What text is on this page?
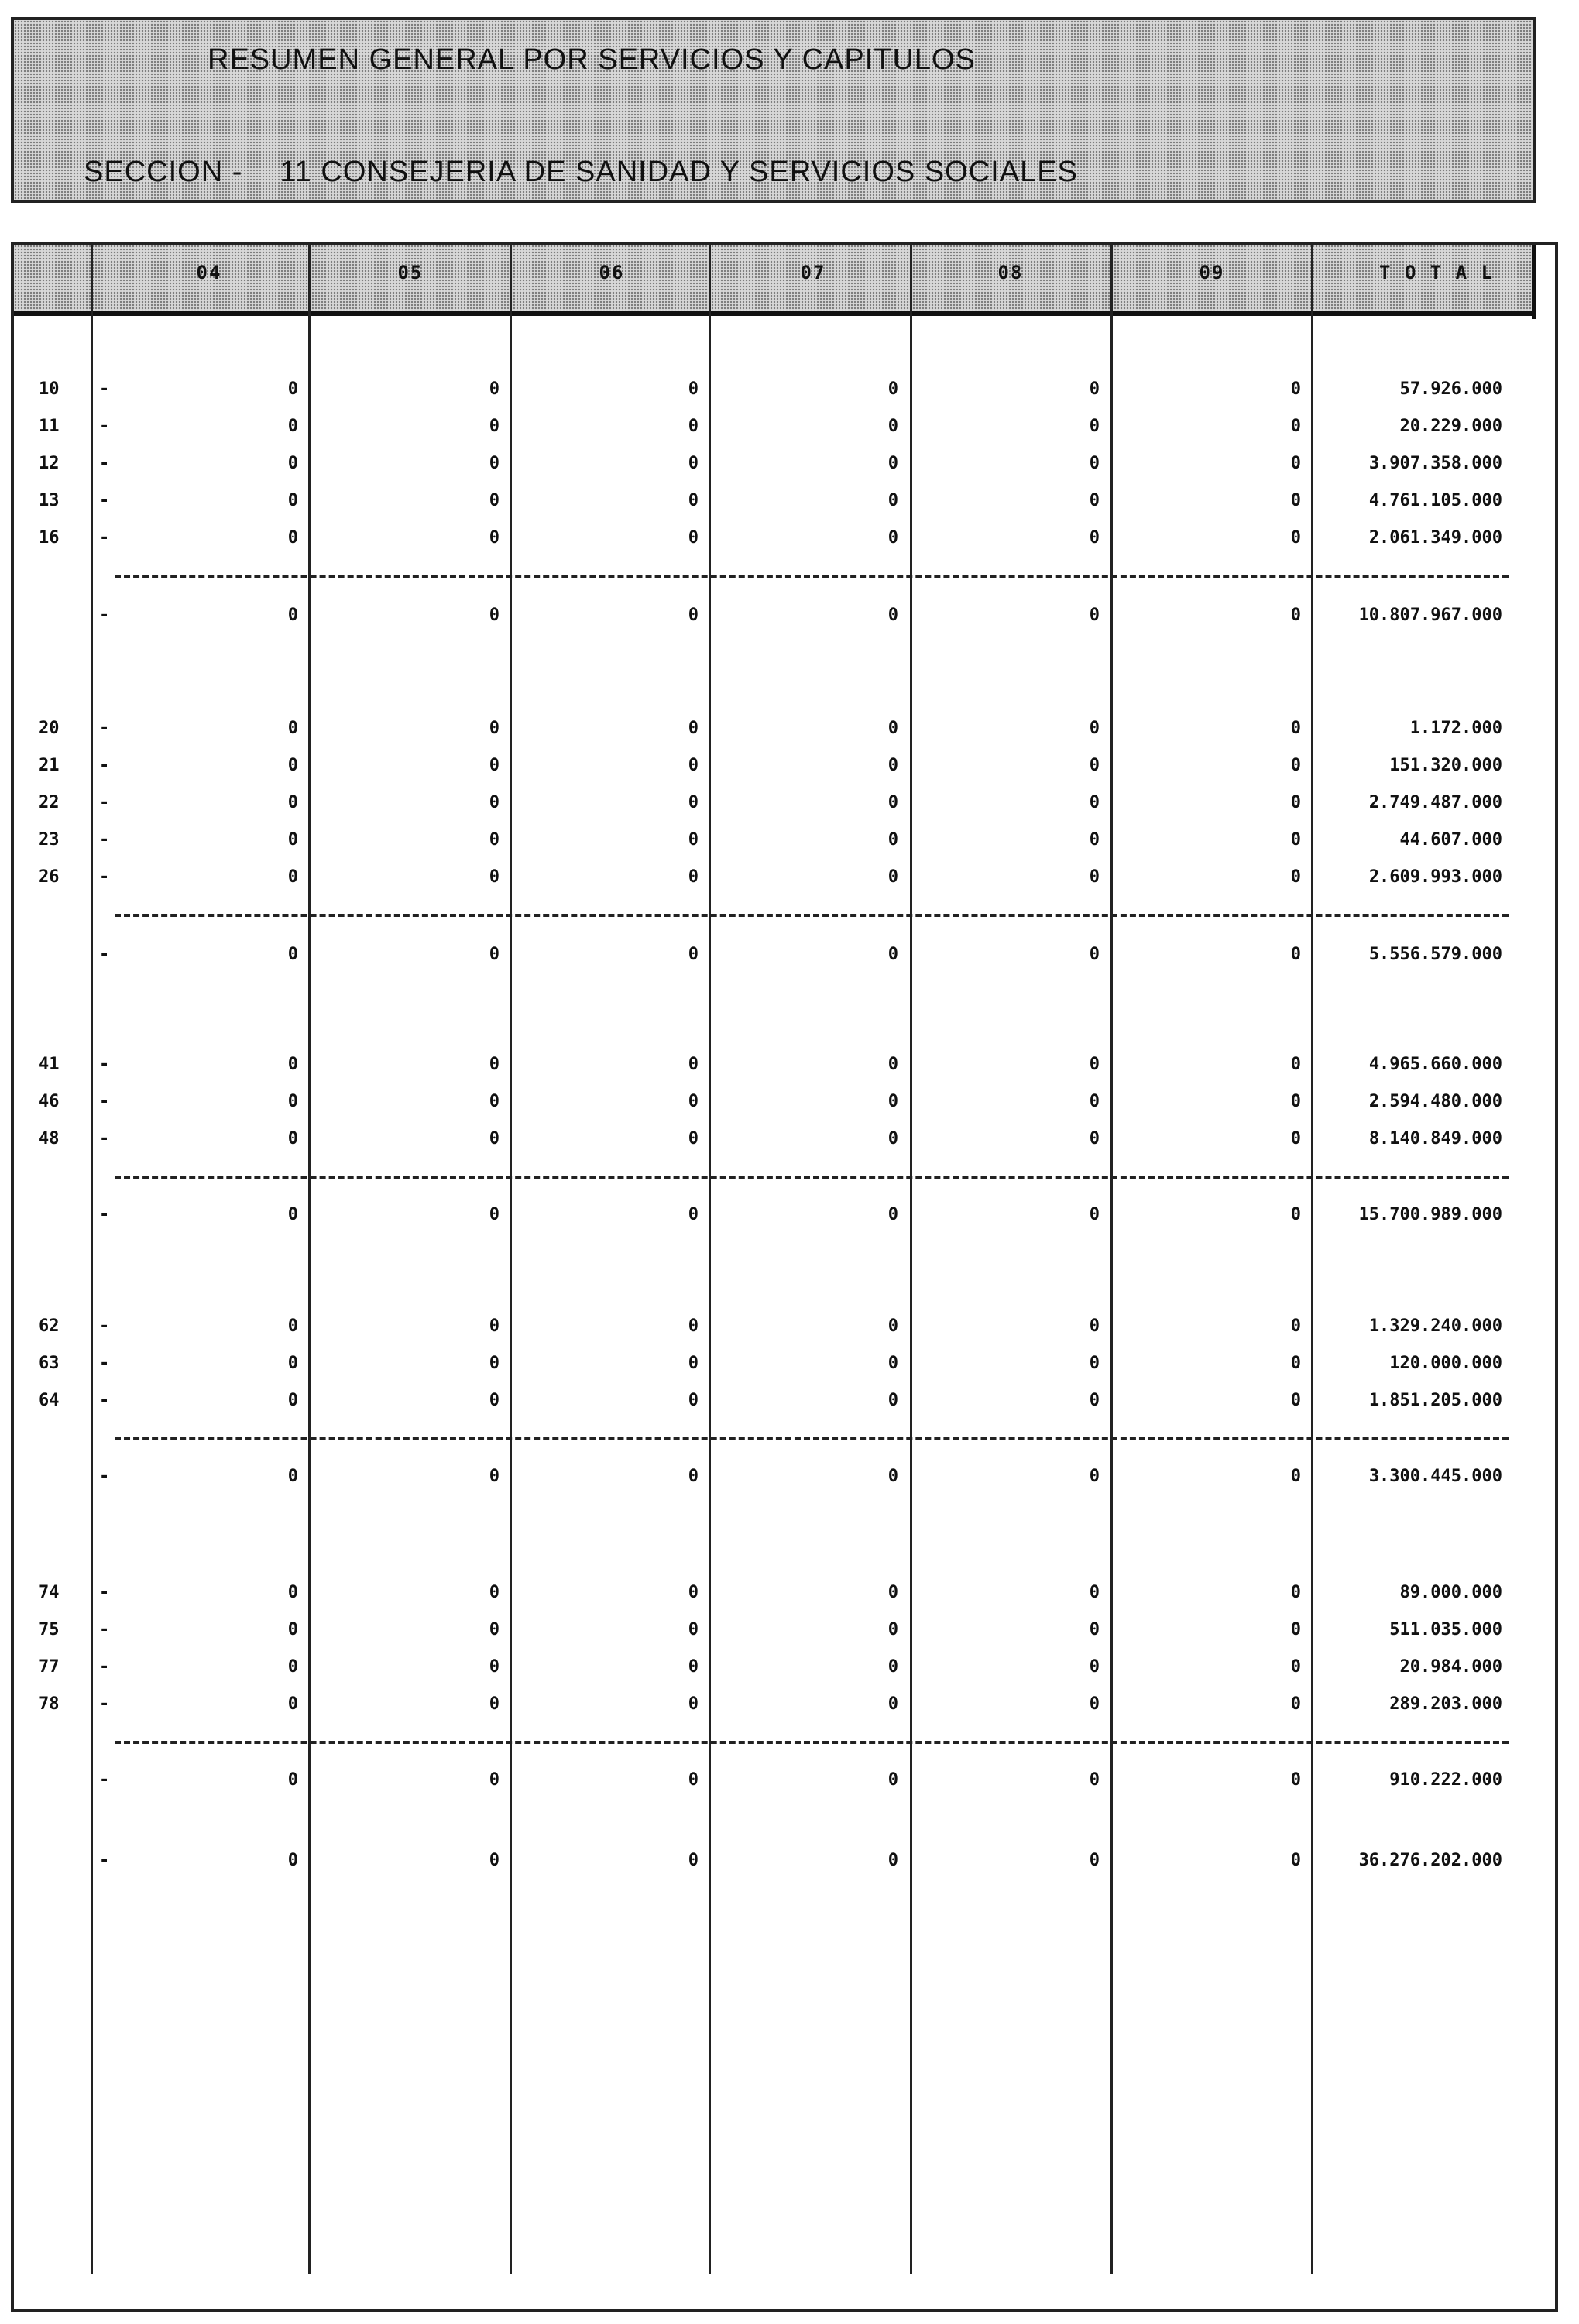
RESUMEN GENERAL POR SERVICIOS Y CAPITULOS
SECCION - 11 CONSEJERIA DE SANIDAD Y SERVICIOS SOCIALES
04	05	06	07	08	09	T O T A L
10 -	0	0	0	0	0	0	57.926.000
11 -	0	0	0	0	0	0	20.229.000
12 -	0	0	0	0	0	0	3.907.358.000
13 -	0	0	0	0	0	0	4.761.105.000
16 -	0	0	0	0	0	0	2.061.349.000
-	0	0	0	0	0	0	10.807.967.000
20 -	0	0	0	0	0	0	1.172.000
21 -	0	0	0	0	0	0	151.320.000
22 -	0	0	0	0	0	0	2.749.487.000
23 -	0	0	0	0	0	0	44.607.000
26 -	0	0	0	0	0	0	2.609.993.000
-	0	0	0	0	0	0	5.556.579.000
41 -	0	0	0	0	0	0	4.965.660.000
46 -	0	0	0	0	0	0	2.594.480.000
48 -	0	0	0	0	0	0	8.140.849.000
-	0	0	0	0	0	0	15.700.989.000
62 -	0	0	0	0	0	0	1.329.240.000
63 -	0	0	0	0	0	0	120.000.000
64 -	0	0	0	0	0	0	1.851.205.000
-	0	0	0	0	0	0	3.300.445.000
74 -	0	0	0	0	0	0	89.000.000
75 -	0	0	0	0	0	0	511.035.000
77 -	0	0	0	0	0	0	20.984.000
78 -	0	0	0	0	0	0	289.203.000
-	0	0	0	0	0	0	910.222.000
-	0	0	0	0	0	0	36.276.202.000
